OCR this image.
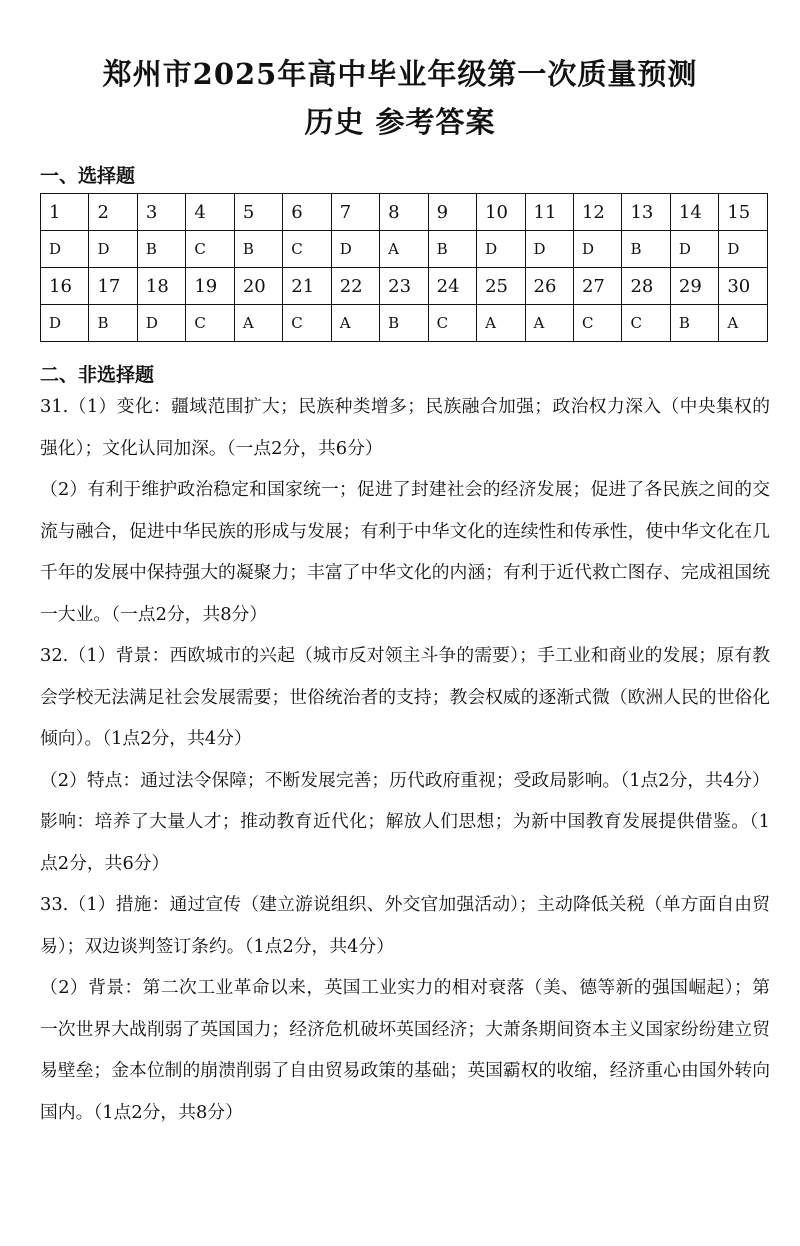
郑州市2025年高中毕业年级第一次质量预测
历史 参考答案
一、选择题
1	2	3	4	5	6	7	8	9	10	11	12	13	14	15
D	D	B	C	B	C	D	A	B	D	D	D	B	D	D
16	17	18	19	20	21	22	23	24	25	26	27	28	29	30
D	B	D	C	A	C	A	B	C	A	A	C	C	B	A
二、非选择题

31.（1）变化：疆域范围扩大；民族种类增多；民族融合加强；政治权力深入（中央集权的强化）；文化认同加深。（一点2分，共6分）

（2）有利于维护政治稳定和国家统一；促进了封建社会的经济发展；促进了各民族之间的交流与融合，促进中华民族的形成与发展；有利于中华文化的连续性和传承性，使中华文化在几千年的发展中保持强大的凝聚力；丰富了中华文化的内涵；有利于近代救亡图存、完成祖国统一大业。（一点2分，共8分）

32.（1）背景：西欧城市的兴起（城市反对领主斗争的需要）；手工业和商业的发展；原有教会学校无法满足社会发展需要；世俗统治者的支持；教会权威的逐渐式微（欧洲人民的世俗化倾向）。（1点2分，共4分）

（2）特点：通过法令保障；不断发展完善；历代政府重视；受政局影响。（1点2分，共4分）

影响：培养了大量人才；推动教育近代化；解放人们思想；为新中国教育发展提供借鉴。（1点2分，共6分）

33.（1）措施：通过宣传（建立游说组织、外交官加强活动）；主动降低关税（单方面自由贸易）；双边谈判签订条约。（1点2分，共4分）

（2）背景：第二次工业革命以来，英国工业实力的相对衰落（美、德等新的强国崛起）；第一次世界大战削弱了英国国力；经济危机破坏英国经济；大萧条期间资本主义国家纷纷建立贸易壁垒；金本位制的崩溃削弱了自由贸易政策的基础；英国霸权的收缩，经济重心由国外转向国内。（1点2分，共8分）
